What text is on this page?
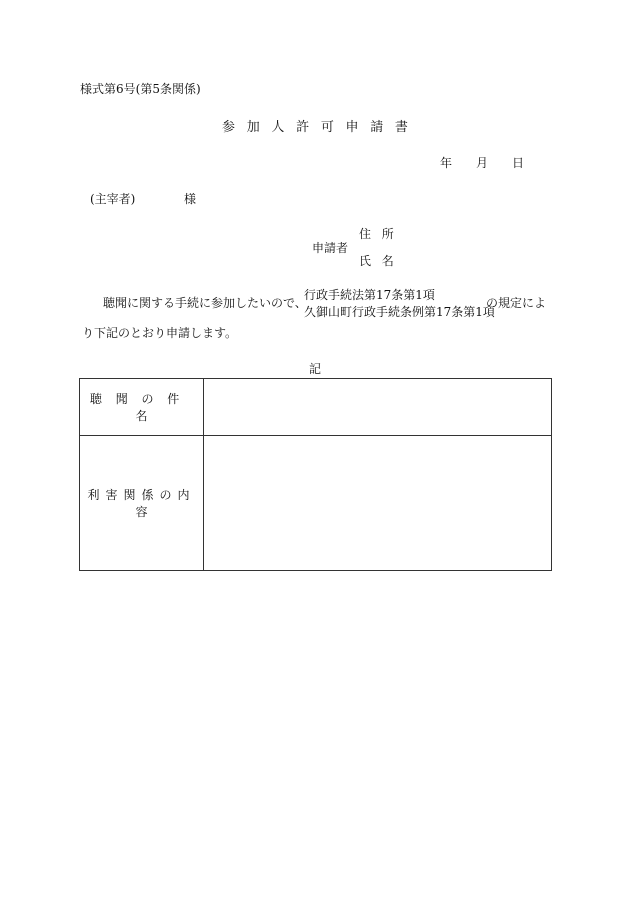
様式第6号(第5条関係)
参加人許可申請書
年 月 日
(主宰者)	様
申請者
住所
氏名
聴聞に関する手続に参加したいので、
行政手続法第17条第1項
久御山町行政手続条例第17条第1項
の規定によ
り下記のとおり申請します。
記
聴聞の件名	
利害関係の内容	
